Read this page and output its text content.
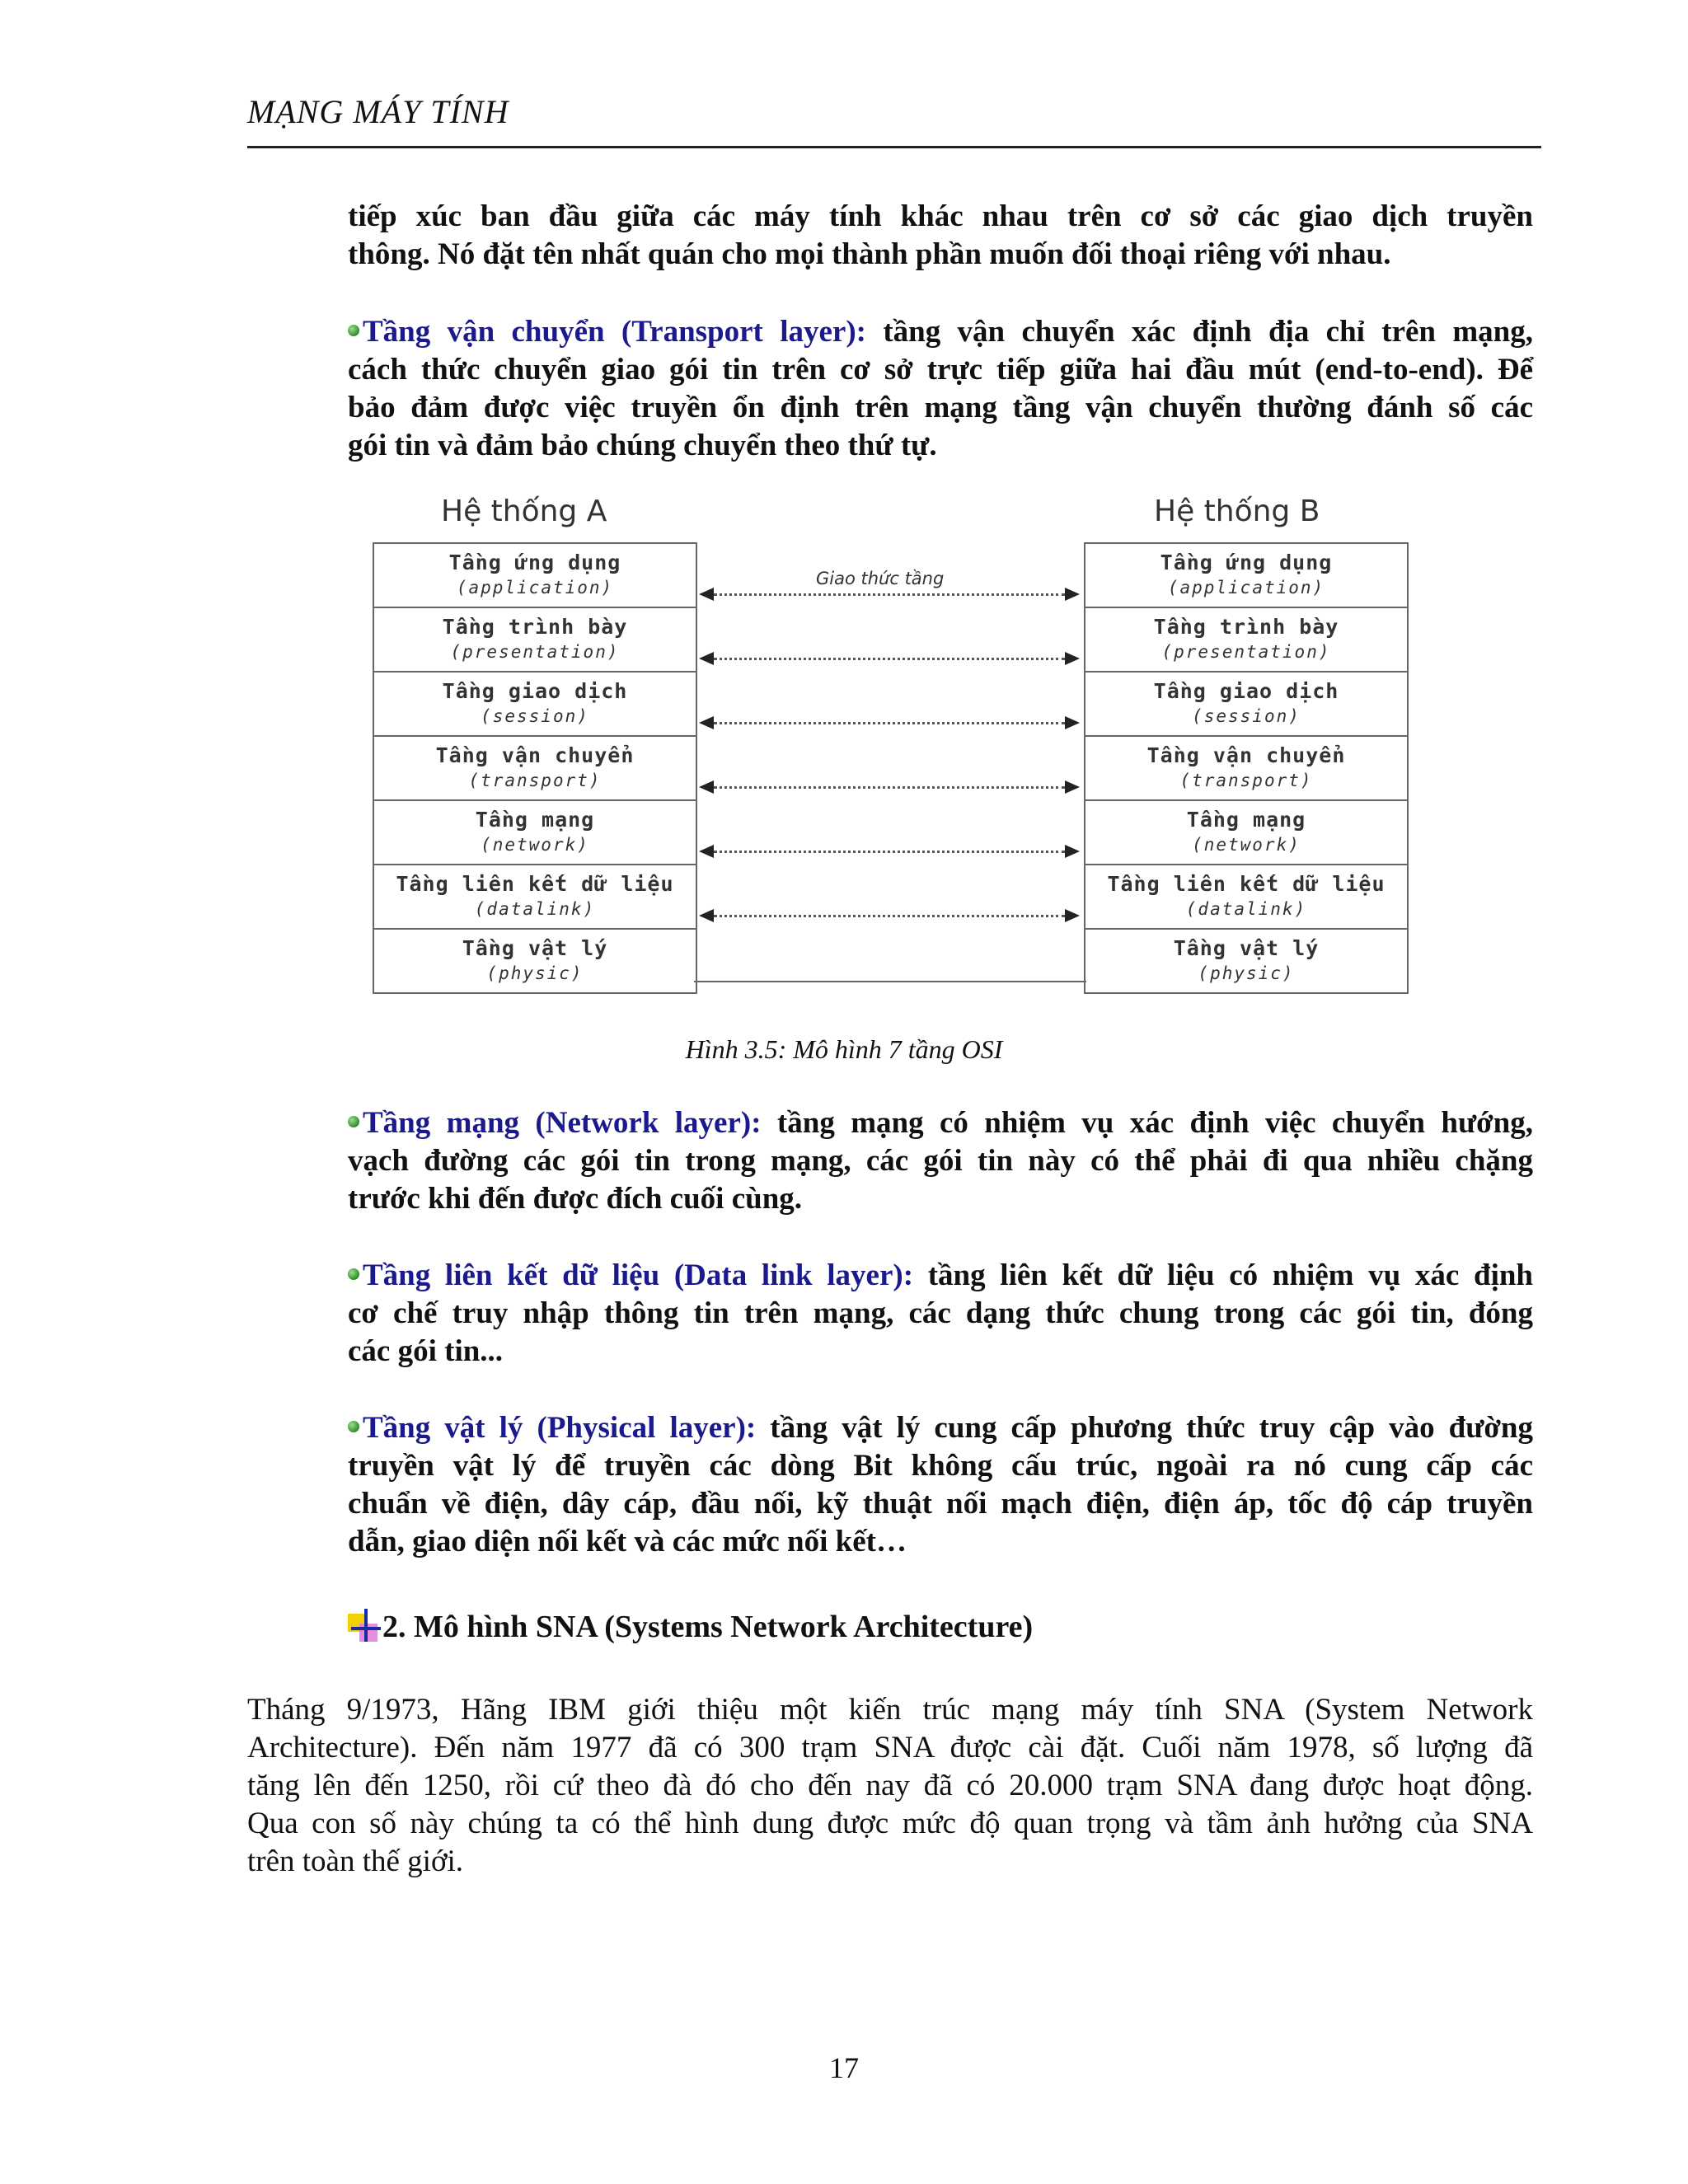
MẠNG MÁY TÍNH
tiếp xúc ban đầu giữa các máy tính khác nhau trên cơ sở các giao dịch truyền
thông. Nó đặt tên nhất quán cho mọi thành phần muốn đối thoại riêng với nhau.
Tầng vận chuyển (Transport layer): tầng vận chuyển xác định địa chỉ trên mạng,
cách thức chuyển giao gói tin trên cơ sở trực tiếp giữa hai đầu mút (end-to-end). Để
bảo đảm được việc truyền ổn định trên mạng tầng vận chuyển thường đánh số các
gói tin và đảm bảo chúng chuyển theo thứ tự.
Hệ thống A	Hệ thống B
Tầng ứng dụng
(application)
Tầng trình bày
(presentation)
Tầng giao dịch
(session)
Tầng vận chuyển
(transport)
Tầng mạng
(network)
Tầng liên kết dữ liệu
(datalink)
Tầng vật lý
(physic)
Tầng ứng dụng
(application)
Tầng trình bày
(presentation)
Tầng giao dịch
(session)
Tầng vận chuyển
(transport)
Tầng mạng
(network)
Tầng liên kết dữ liệu
(datalink)
Tầng vật lý
(physic)
Giao thức tầng
Hình 3.5: Mô hình 7 tầng OSI
Tầng mạng (Network layer): tầng mạng có nhiệm vụ xác định việc chuyển hướng,
vạch đường các gói tin trong mạng, các gói tin này có thể phải đi qua nhiều chặng
trước khi đến được đích cuối cùng.
Tầng liên kết dữ liệu (Data link layer): tầng liên kết dữ liệu có nhiệm vụ xác định
cơ chế truy nhập thông tin trên mạng, các dạng thức chung trong các gói tin, đóng
các gói tin...
Tầng vật lý (Physical layer): tầng vật lý cung cấp phương thức truy cập vào đường
truyền vật lý để truyền các dòng Bit không cấu trúc, ngoài ra nó cung cấp các
chuẩn về điện, dây cáp, đầu nối, kỹ thuật nối mạch điện, điện áp, tốc độ cáp truyền
dẫn, giao diện nối kết và các mức nối kết…
2. Mô hình SNA (Systems Network Architecture)
Tháng 9/1973, Hãng IBM giới thiệu một kiến trúc mạng máy tính SNA (System Network
Architecture). Đến năm 1977 đã có 300 trạm SNA được cài đặt. Cuối năm 1978, số lượng đã
tăng lên đến 1250, rồi cứ theo đà đó cho đến nay đã có 20.000 trạm SNA đang được hoạt động.
Qua con số này chúng ta có thể hình dung được mức độ quan trọng và tầm ảnh hưởng của SNA
trên toàn thế giới.
17
